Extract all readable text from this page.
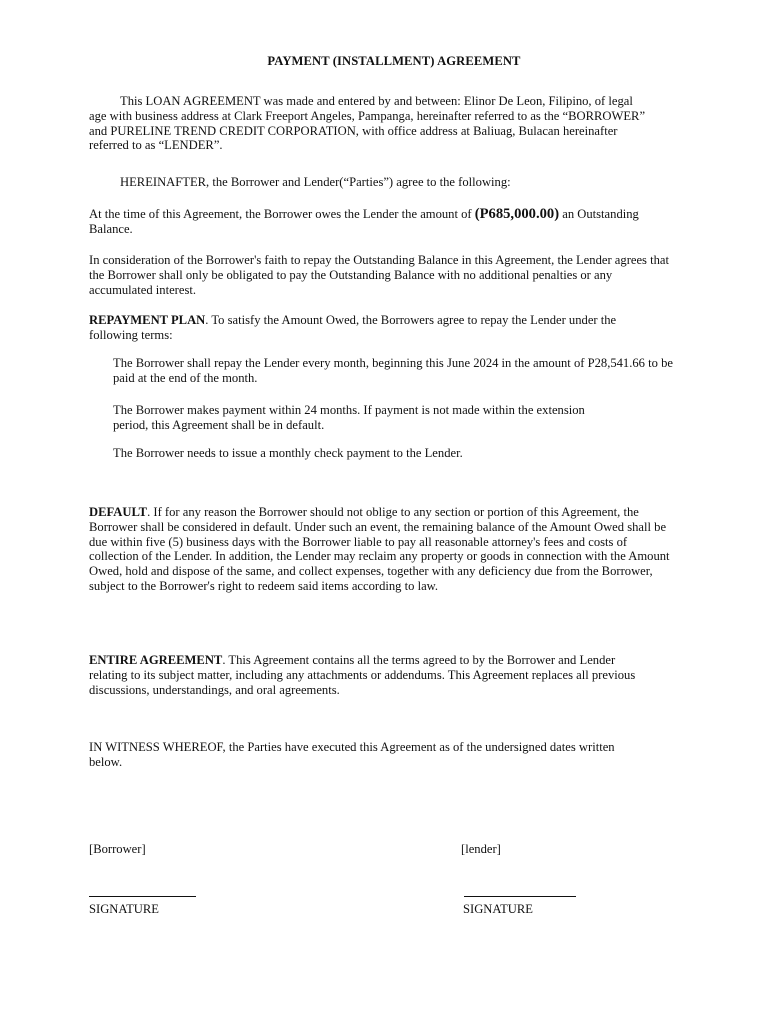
PAYMENT (INSTALLMENT) AGREEMENT

This LOAN AGREEMENT was made and entered by and between: Elinor De Leon, Filipino, of legal age with business address at Clark Freeport Angeles, Pampanga, hereinafter referred to as the “BORROWER” and PURELINE TREND CREDIT CORPORATION, with office address at Baliuag, Bulacan hereinafter referred to as “LENDER”.

HEREINAFTER, the Borrower and Lender(“Parties”) agree to the following:

At the time of this Agreement, the Borrower owes the Lender the amount of (P685,000.00) an Outstanding Balance.

In consideration of the Borrower's faith to repay the Outstanding Balance in this Agreement, the Lender agrees that the Borrower shall only be obligated to pay the Outstanding Balance with no additional penalties or any accumulated interest.

REPAYMENT PLAN. To satisfy the Amount Owed, the Borrowers agree to repay the Lender under the following terms:

The Borrower shall repay the Lender every month, beginning this June 2024 in the amount of P28,541.66 to be paid at the end of the month.

The Borrower makes payment within 24 months. If payment is not made within the extension period, this Agreement shall be in default.

The Borrower needs to issue a monthly check payment to the Lender.

DEFAULT. If for any reason the Borrower should not oblige to any section or portion of this Agreement, the Borrower shall be considered in default. Under such an event, the remaining balance of the Amount Owed shall be due within five (5) business days with the Borrower liable to pay all reasonable attorney's fees and costs of collection of the Lender. In addition, the Lender may reclaim any property or goods in connection with the Amount Owed, hold and dispose of the same, and collect expenses, together with any deficiency due from the Borrower, subject to the Borrower's right to redeem said items according to law.

ENTIRE AGREEMENT. This Agreement contains all the terms agreed to by the Borrower and Lender relating to its subject matter, including any attachments or addendums. This Agreement replaces all previous discussions, understandings, and oral agreements.

IN WITNESS WHEREOF, the Parties have executed this Agreement as of the undersigned dates written below.

[Borrower]	[lender]

SIGNATURE	SIGNATURE
